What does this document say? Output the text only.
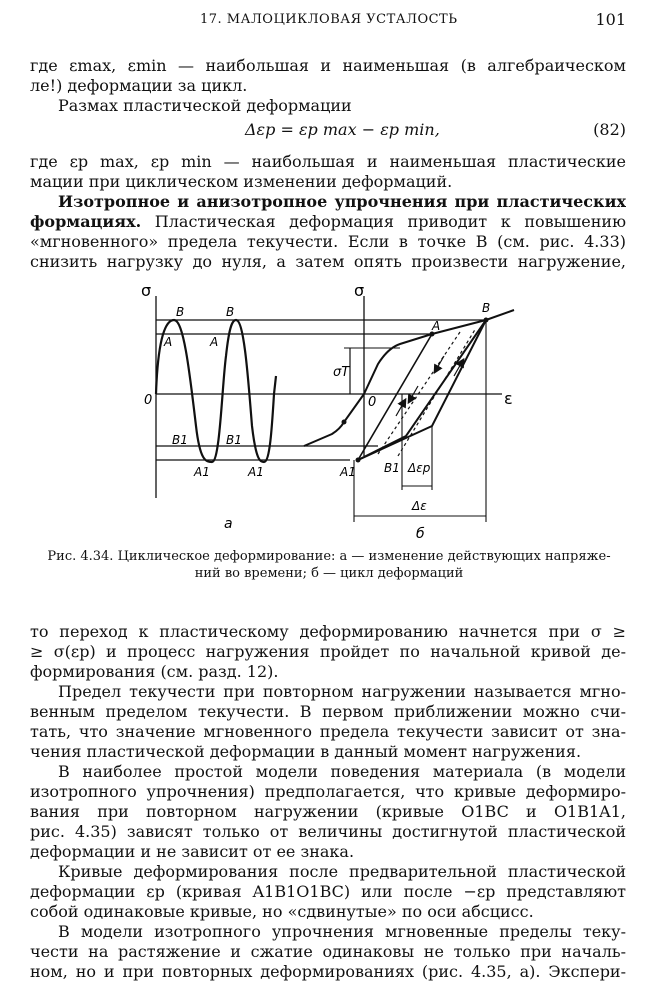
17. МАЛОЦИКЛОВАЯ УСТАЛОСТЬ	101
где εmax, εmin — наибольшая и наименьшая (в алгебраическом
ле!) деформации за цикл.
Размах пластической деформации
Δεp = εp max − εp min,	(82)
где εp max, εp min — наибольшая и наименьшая пластические
мации при циклическом изменении деформаций.
Изотропное и анизотропное упрочнения при пластических
формациях. Пластическая деформация приводит к повышению
«мгновенного» предела текучести. Если в точке B (см. рис. 4.33)
снизить нагрузку до нуля, а затем опять произвести нагружение,
σ
0
B	B
A	A
B1	B1
A1	A1
а
σ
ε
0
σT
B
A
A1 B1 Δεp
Δε
б
Рис. 4.34. Циклическое деформирование: а — изменение действующих напряже-
ний во времени; б — цикл деформаций
то переход к пластическому деформированию начнется при σ ≥
≥ σ(εp) и процесс нагружения пройдет по начальной кривой де-
формирования (см. разд. 12).
Предел текучести при повторном нагружении называется мгно-
венным пределом текучести. В первом приближении можно счи-
тать, что значение мгновенного предела текучести зависит от зна-
чения пластической деформации в данный момент нагружения.
В наиболее простой модели поведения материала (в модели
изотропного упрочнения) предполагается, что кривые деформиро-
вания при повторном нагружении (кривые O1BC и O1B1A1,
рис. 4.35) зависят только от величины достигнутой пластической
деформации и не зависит от ее знака.
Кривые деформирования после предварительной пластической
деформации εp (кривая A1B1O1BC) или после −εp представляют
собой одинаковые кривые, но «сдвинутые» по оси абсцисс.
В модели изотропного упрочнения мгновенные пределы теку-
чести на растяжение и сжатие одинаковы не только при началь-
ном, но и при повторных деформированиях (рис. 4.35, а). Экспери-
